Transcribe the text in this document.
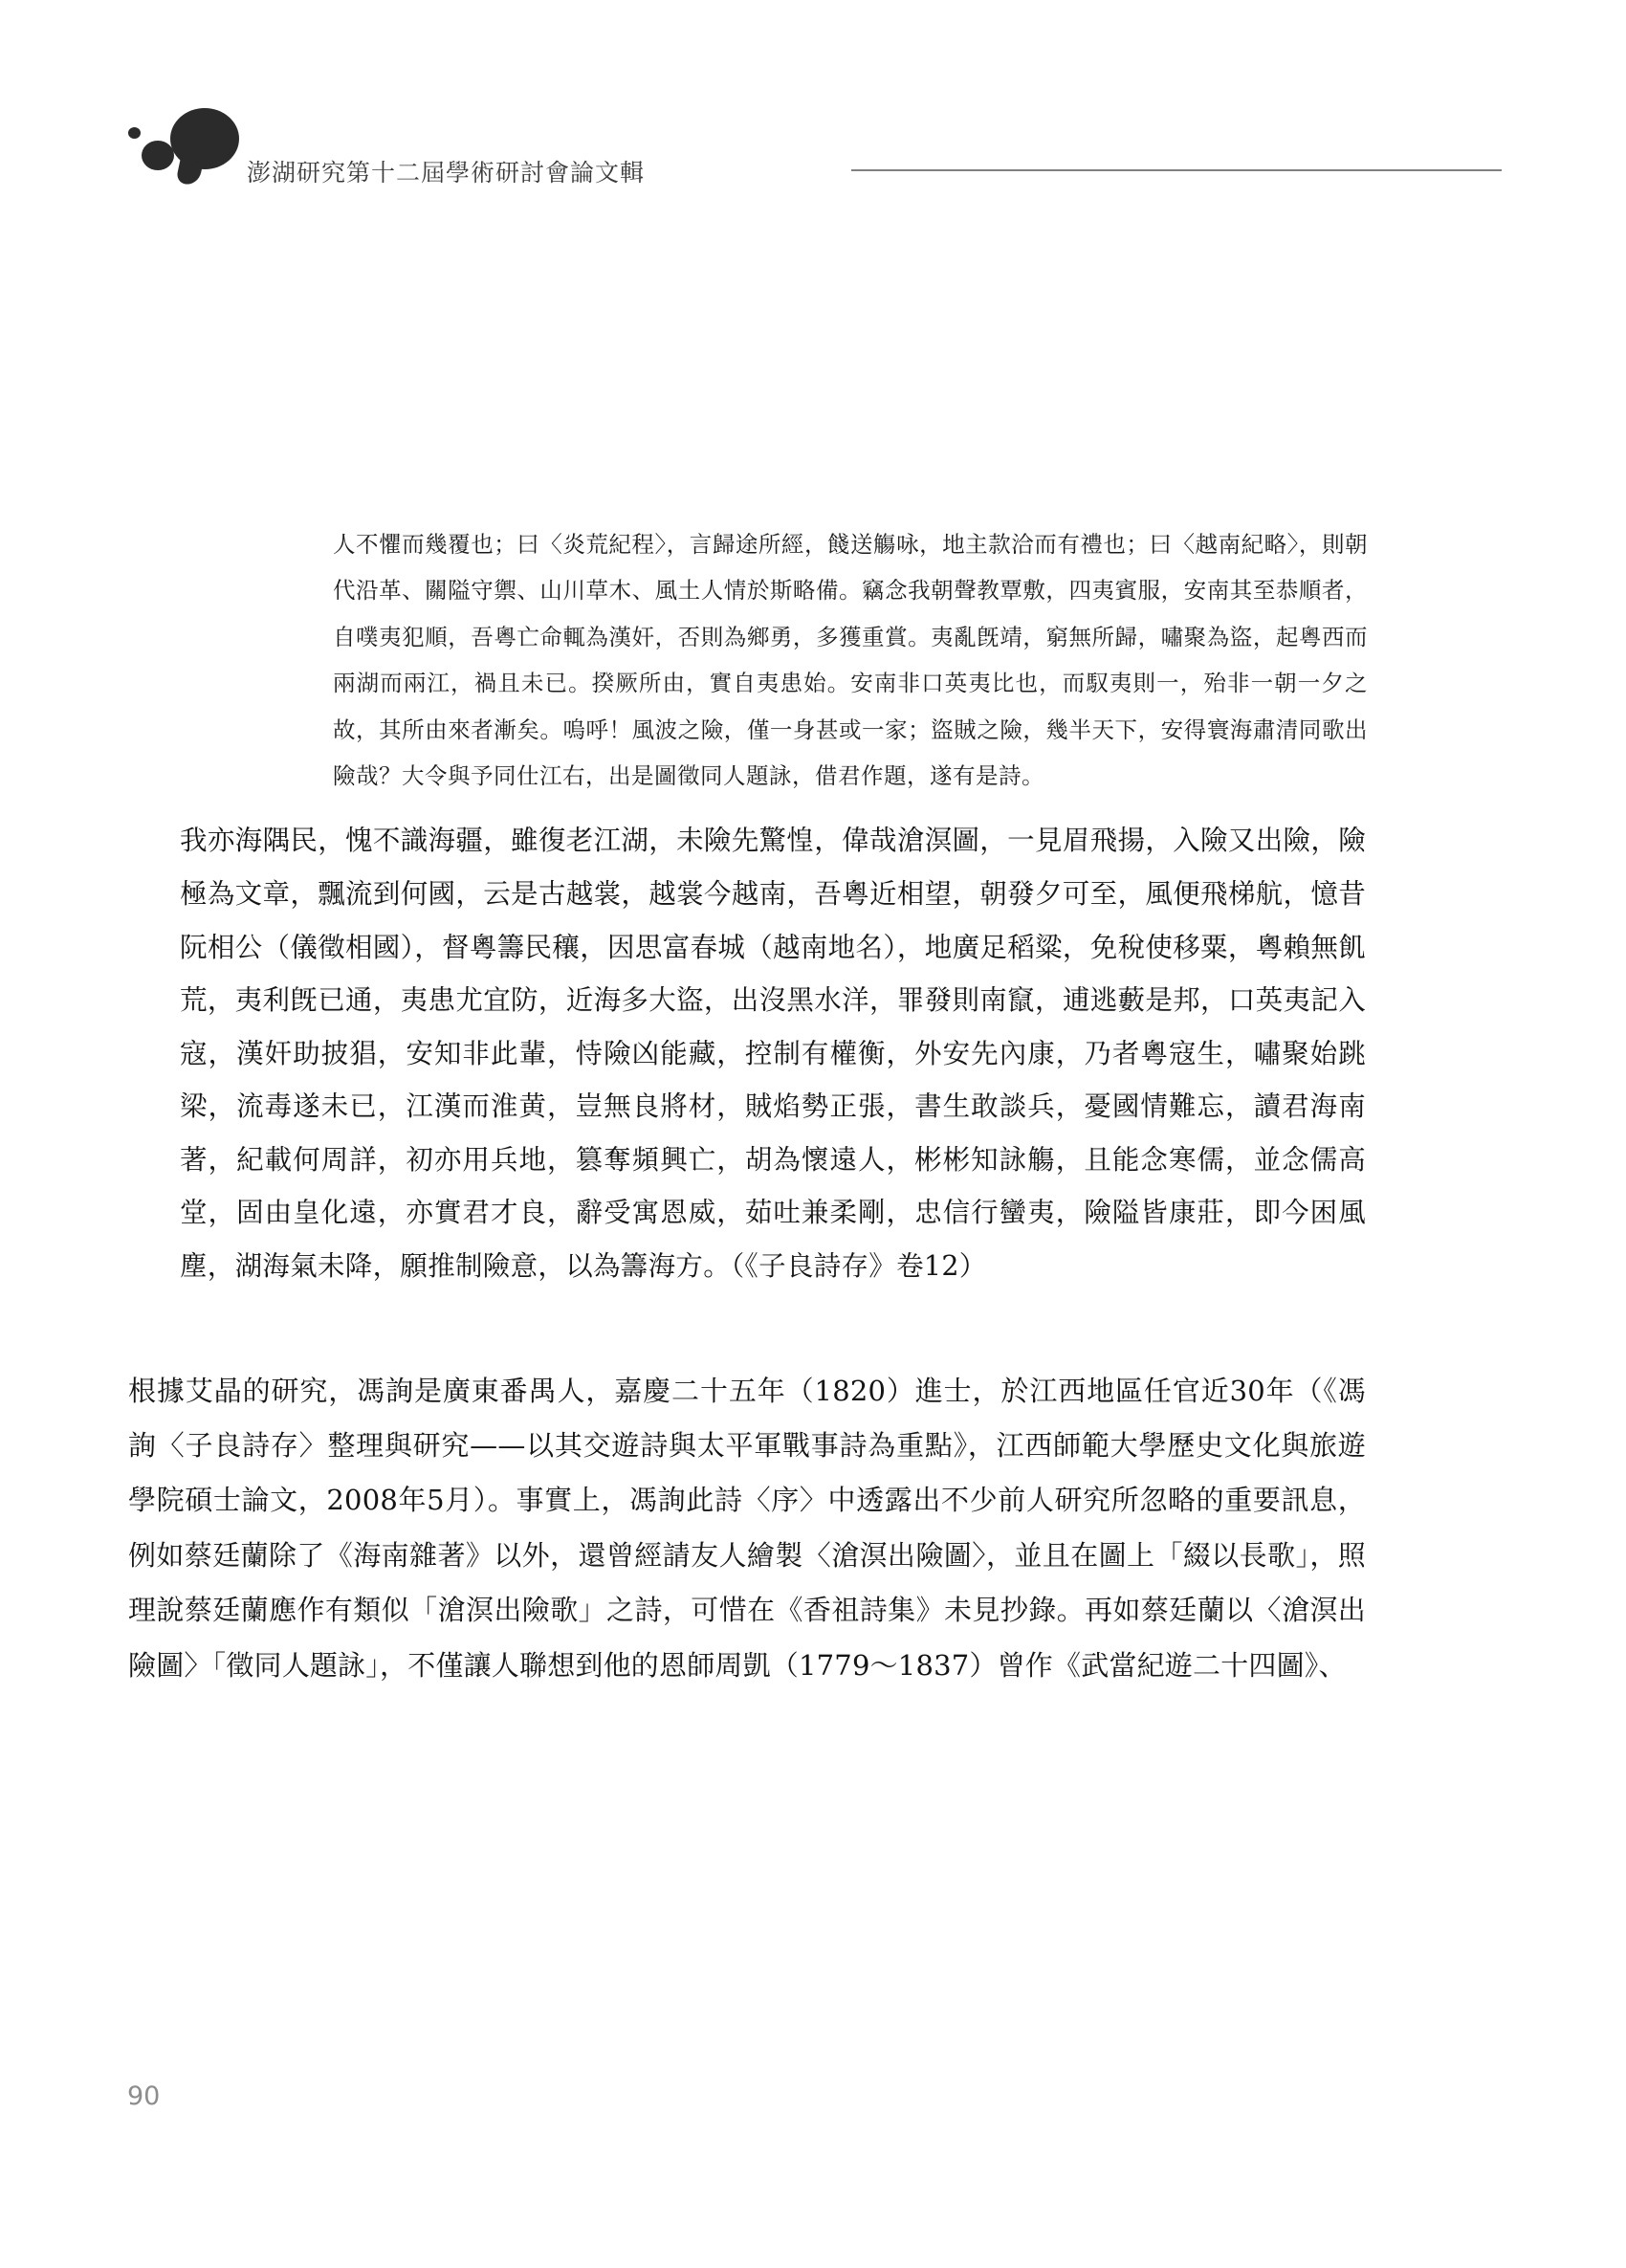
澎湖研究第十二屆學術研討會論文輯

人不懼而幾覆也；曰〈炎荒紀程〉，言歸途所經，餞送觴咏，地主款洽而有禮也；曰〈越南紀略〉，則朝代沿革、關隘守禦、山川草木、風土人情於斯略備。竊念我朝聲教覃敷，四夷賓服，安南其至恭順者，自噗夷犯順，吾粵亡命輒為漢奸，否則為鄉勇，多獲重賞。夷亂旣靖，窮無所歸，嘯聚為盜，起粵西而兩湖而兩江，禍且未已。揆厥所由，實自夷患始。安南非口英夷比也，而馭夷則一，殆非一朝一夕之故，其所由來者漸矣。嗚呼！風波之險，僅一身甚或一家；盜賊之險，幾半天下，安得寰海肅清同歌出險哉？大令與予同仕江右，出是圖徵同人題詠，借君作題，遂有是詩。

我亦海隅民，愧不識海疆，雖復老江湖，未險先驚惶，偉哉滄溟圖，一見眉飛揚，入險又出險，險極為文章，飄流到何國，云是古越裳，越裳今越南，吾粵近相望，朝發夕可至，風便飛梯航，憶昔阮相公（儀徵相國），督粵籌民穰，因思富春城（越南地名），地廣足稻粱，免稅使移粟，粵賴無飢荒，夷利旣已通，夷患尤宜防，近海多大盜，出沒黑水洋，罪發則南竄，逋逃藪是邦，口英夷記入寇，漢奸助披猖，安知非此輩，恃險凶能藏，控制有權衡，外安先內康，乃者粵寇生，嘯聚始跳梁，流毒遂未已，江漢而淮黄，豈無良將材，賊焰勢正張，書生敢談兵，憂國情難忘，讀君海南著，紀載何周詳，初亦用兵地，篡奪頻興亡，胡為懷遠人，彬彬知詠觴，且能念寒儒，並念儒高堂，固由皇化遠，亦實君才良，辭受寓恩威，茹吐兼柔剛，忠信行蠻夷，險隘皆康莊，即今困風塵，湖海氣未降，願推制險意，以為籌海方。（《子良詩存》卷12）

根據艾晶的研究，馮詢是廣東番禺人，嘉慶二十五年（1820）進士，於江西地區任官近30年（《馮詢〈子良詩存〉整理與研究——以其交遊詩與太平軍戰事詩為重點》，江西師範大學歷史文化與旅遊學院碩士論文，2008年5月）。事實上，馮詢此詩〈序〉中透露出不少前人研究所忽略的重要訊息，例如蔡廷蘭除了《海南雜著》以外，還曾經請友人繪製〈滄溟出險圖〉，並且在圖上「綴以長歌」，照理說蔡廷蘭應作有類似「滄溟出險歌」之詩，可惜在《香祖詩集》未見抄錄。再如蔡廷蘭以〈滄溟出險圖〉「徵同人題詠」，不僅讓人聯想到他的恩師周凱（1779～1837）曾作《武當紀遊二十四圖》、

90
